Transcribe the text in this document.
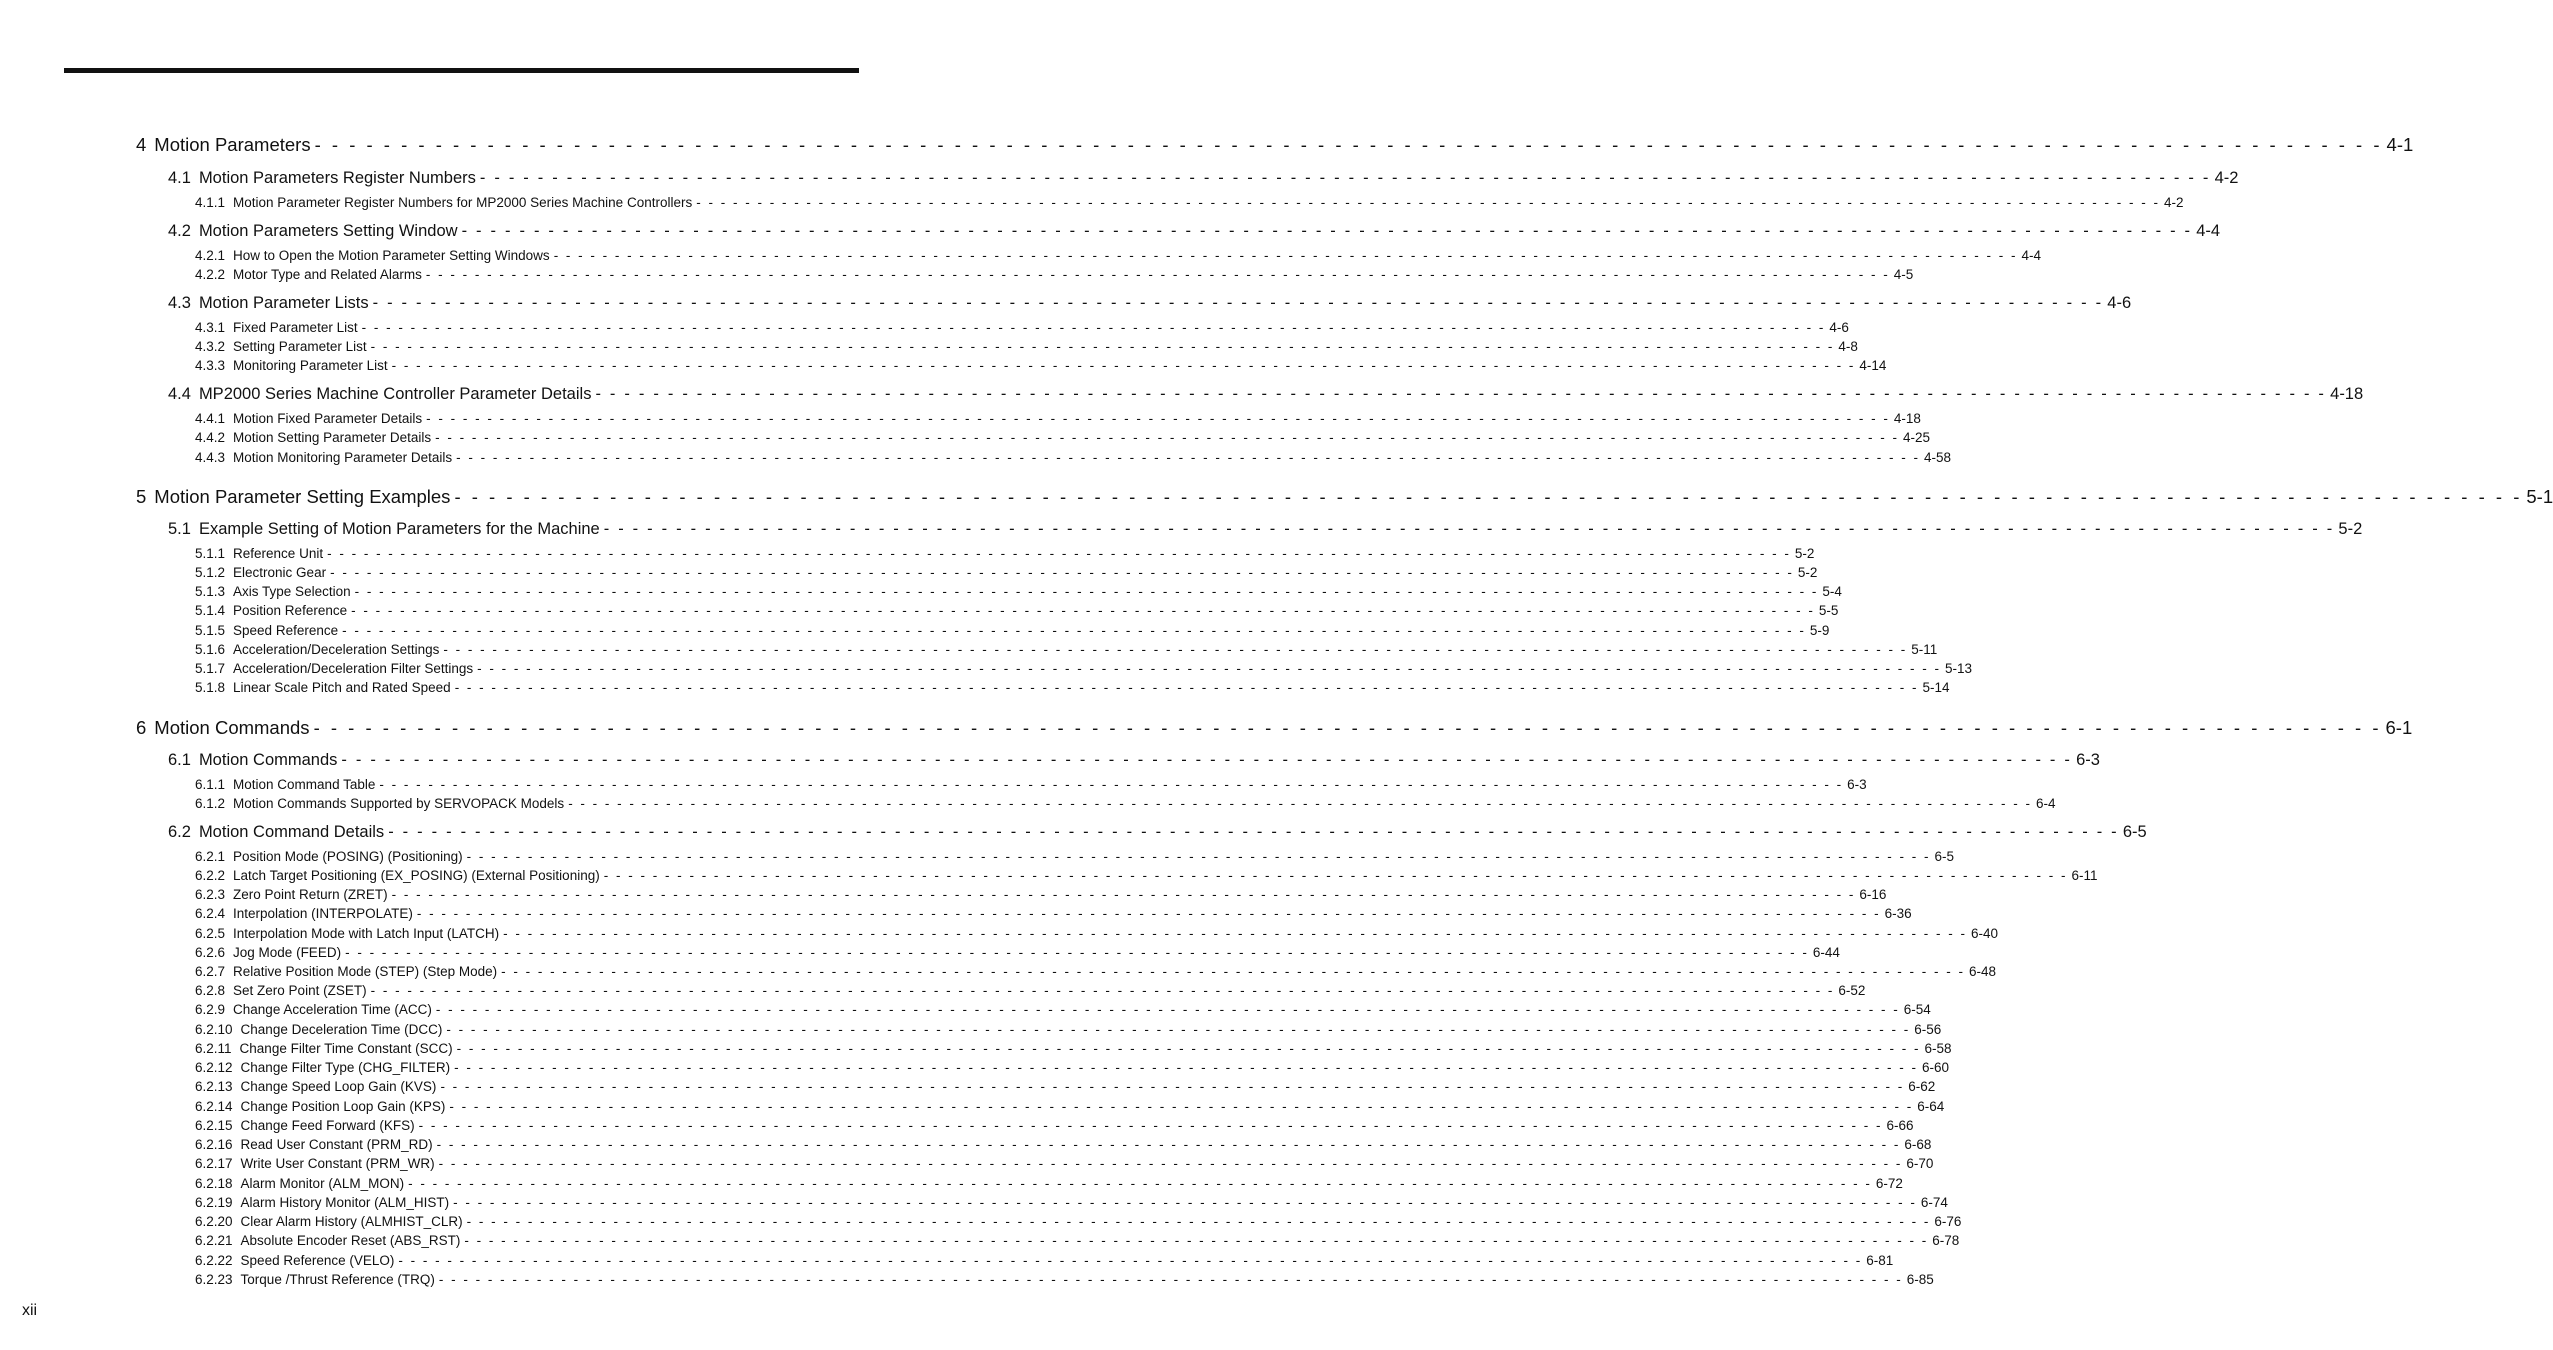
4 Motion Parameters - - - - - - - - - - - - - - - - - - - - - - - - - - - - - - - - - - - - - - - - - - - - - - - - - - - - - - - - - - - - - - - - - - - - - - - - - - - - - - - - - - - - - - - - - - - - - - - - - - - - - - - - - - - - - - - - - - - - - - - - 4-1
4.1 Motion Parameters Register Numbers - - - - - - - - - - - - - - - - - - - - - - - - - - - - - - - - - - - - - - - - - - - - - - - - - - - - - - - - - - - - - - - - - - - - - - - - - - - - - - - - - - - - - - - - - - - - - - - - - - - - - - - - - - - - - - - - - - - - - - - - 4-2
4.1.1 Motion Parameter Register Numbers for MP2000 Series Machine Controllers - - - - - - - - - - - - - - - - - - - - - - - - - - - - - - - - - - - - - - - - - - - - - - - - - - - - - - - - - - - - - - - - - - - - - - - - - - - - - - - - - - - - - - - - - - - - - - - - - - - - - - - - - - - - - - - - - - - - - - - - 4-2
4.2 Motion Parameters Setting Window - - - - - - - - - - - - - - - - - - - - - - - - - - - - - - - - - - - - - - - - - - - - - - - - - - - - - - - - - - - - - - - - - - - - - - - - - - - - - - - - - - - - - - - - - - - - - - - - - - - - - - - - - - - - - - - - - - - - - - - - 4-4
4.2.1 How to Open the Motion Parameter Setting Windows - - - - - - - - - - - - - - - - - - - - - - - - - - - - - - - - - - - - - - - - - - - - - - - - - - - - - - - - - - - - - - - - - - - - - - - - - - - - - - - - - - - - - - - - - - - - - - - - - - - - - - - - - - - - - - - - - - - - - - - - 4-4
4.2.2 Motor Type and Related Alarms - - - - - - - - - - - - - - - - - - - - - - - - - - - - - - - - - - - - - - - - - - - - - - - - - - - - - - - - - - - - - - - - - - - - - - - - - - - - - - - - - - - - - - - - - - - - - - - - - - - - - - - - - - - - - - - - - - - - - - - - 4-5
4.3 Motion Parameter Lists - - - - - - - - - - - - - - - - - - - - - - - - - - - - - - - - - - - - - - - - - - - - - - - - - - - - - - - - - - - - - - - - - - - - - - - - - - - - - - - - - - - - - - - - - - - - - - - - - - - - - - - - - - - - - - - - - - - - - - - - 4-6
4.3.1 Fixed Parameter List - - - - - - - - - - - - - - - - - - - - - - - - - - - - - - - - - - - - - - - - - - - - - - - - - - - - - - - - - - - - - - - - - - - - - - - - - - - - - - - - - - - - - - - - - - - - - - - - - - - - - - - - - - - - - - - - - - - - - - - - 4-6
4.3.2 Setting Parameter List - - - - - - - - - - - - - - - - - - - - - - - - - - - - - - - - - - - - - - - - - - - - - - - - - - - - - - - - - - - - - - - - - - - - - - - - - - - - - - - - - - - - - - - - - - - - - - - - - - - - - - - - - - - - - - - - - - - - - - - - 4-8
4.3.3 Monitoring Parameter List - - - - - - - - - - - - - - - - - - - - - - - - - - - - - - - - - - - - - - - - - - - - - - - - - - - - - - - - - - - - - - - - - - - - - - - - - - - - - - - - - - - - - - - - - - - - - - - - - - - - - - - - - - - - - - - - - - - - - - - - 4-14
4.4 MP2000 Series Machine Controller Parameter Details - - - - - - - - - - - - - - - - - - - - - - - - - - - - - - - - - - - - - - - - - - - - - - - - - - - - - - - - - - - - - - - - - - - - - - - - - - - - - - - - - - - - - - - - - - - - - - - - - - - - - - - - - - - - - - - - - - - - - - - - 4-18
4.4.1 Motion Fixed Parameter Details - - - - - - - - - - - - - - - - - - - - - - - - - - - - - - - - - - - - - - - - - - - - - - - - - - - - - - - - - - - - - - - - - - - - - - - - - - - - - - - - - - - - - - - - - - - - - - - - - - - - - - - - - - - - - - - - - - - - - - - - 4-18
4.4.2 Motion Setting Parameter Details - - - - - - - - - - - - - - - - - - - - - - - - - - - - - - - - - - - - - - - - - - - - - - - - - - - - - - - - - - - - - - - - - - - - - - - - - - - - - - - - - - - - - - - - - - - - - - - - - - - - - - - - - - - - - - - - - - - - - - - - 4-25
4.4.3 Motion Monitoring Parameter Details - - - - - - - - - - - - - - - - - - - - - - - - - - - - - - - - - - - - - - - - - - - - - - - - - - - - - - - - - - - - - - - - - - - - - - - - - - - - - - - - - - - - - - - - - - - - - - - - - - - - - - - - - - - - - - - - - - - - - - - - 4-58
5 Motion Parameter Setting Examples - - - - - - - - - - - - - - - - - - - - - - - - - - - - - - - - - - - - - - - - - - - - - - - - - - - - - - - - - - - - - - - - - - - - - - - - - - - - - - - - - - - - - - - - - - - - - - - - - - - - - - - - - - - - - - - - - - - - - - - - 5-1
5.1 Example Setting of Motion Parameters for the Machine - - - - - - - - - - - - - - - - - - - - - - - - - - - - - - - - - - - - - - - - - - - - - - - - - - - - - - - - - - - - - - - - - - - - - - - - - - - - - - - - - - - - - - - - - - - - - - - - - - - - - - - - - - - - - - - - - - - - - - - - 5-2
5.1.1 Reference Unit - - - - - - - - - - - - - - - - - - - - - - - - - - - - - - - - - - - - - - - - - - - - - - - - - - - - - - - - - - - - - - - - - - - - - - - - - - - - - - - - - - - - - - - - - - - - - - - - - - - - - - - - - - - - - - - - - - - - - - - - 5-2
5.1.2 Electronic Gear - - - - - - - - - - - - - - - - - - - - - - - - - - - - - - - - - - - - - - - - - - - - - - - - - - - - - - - - - - - - - - - - - - - - - - - - - - - - - - - - - - - - - - - - - - - - - - - - - - - - - - - - - - - - - - - - - - - - - - - - 5-2
5.1.3 Axis Type Selection - - - - - - - - - - - - - - - - - - - - - - - - - - - - - - - - - - - - - - - - - - - - - - - - - - - - - - - - - - - - - - - - - - - - - - - - - - - - - - - - - - - - - - - - - - - - - - - - - - - - - - - - - - - - - - - - - - - - - - - - 5-4
5.1.4 Position Reference - - - - - - - - - - - - - - - - - - - - - - - - - - - - - - - - - - - - - - - - - - - - - - - - - - - - - - - - - - - - - - - - - - - - - - - - - - - - - - - - - - - - - - - - - - - - - - - - - - - - - - - - - - - - - - - - - - - - - - - - 5-5
5.1.5 Speed Reference - - - - - - - - - - - - - - - - - - - - - - - - - - - - - - - - - - - - - - - - - - - - - - - - - - - - - - - - - - - - - - - - - - - - - - - - - - - - - - - - - - - - - - - - - - - - - - - - - - - - - - - - - - - - - - - - - - - - - - - - 5-9
5.1.6 Acceleration/Deceleration Settings - - - - - - - - - - - - - - - - - - - - - - - - - - - - - - - - - - - - - - - - - - - - - - - - - - - - - - - - - - - - - - - - - - - - - - - - - - - - - - - - - - - - - - - - - - - - - - - - - - - - - - - - - - - - - - - - - - - - - - - - 5-11
5.1.7 Acceleration/Deceleration Filter Settings - - - - - - - - - - - - - - - - - - - - - - - - - - - - - - - - - - - - - - - - - - - - - - - - - - - - - - - - - - - - - - - - - - - - - - - - - - - - - - - - - - - - - - - - - - - - - - - - - - - - - - - - - - - - - - - - - - - - - - - - 5-13
5.1.8 Linear Scale Pitch and Rated Speed - - - - - - - - - - - - - - - - - - - - - - - - - - - - - - - - - - - - - - - - - - - - - - - - - - - - - - - - - - - - - - - - - - - - - - - - - - - - - - - - - - - - - - - - - - - - - - - - - - - - - - - - - - - - - - - - - - - - - - - - 5-14
6 Motion Commands - - - - - - - - - - - - - - - - - - - - - - - - - - - - - - - - - - - - - - - - - - - - - - - - - - - - - - - - - - - - - - - - - - - - - - - - - - - - - - - - - - - - - - - - - - - - - - - - - - - - - - - - - - - - - - - - - - - - - - - - 6-1
6.1 Motion Commands - - - - - - - - - - - - - - - - - - - - - - - - - - - - - - - - - - - - - - - - - - - - - - - - - - - - - - - - - - - - - - - - - - - - - - - - - - - - - - - - - - - - - - - - - - - - - - - - - - - - - - - - - - - - - - - - - - - - - - - - 6-3
6.1.1 Motion Command Table - - - - - - - - - - - - - - - - - - - - - - - - - - - - - - - - - - - - - - - - - - - - - - - - - - - - - - - - - - - - - - - - - - - - - - - - - - - - - - - - - - - - - - - - - - - - - - - - - - - - - - - - - - - - - - - - - - - - - - - - 6-3
6.1.2 Motion Commands Supported by SERVOPACK Models - - - - - - - - - - - - - - - - - - - - - - - - - - - - - - - - - - - - - - - - - - - - - - - - - - - - - - - - - - - - - - - - - - - - - - - - - - - - - - - - - - - - - - - - - - - - - - - - - - - - - - - - - - - - - - - - - - - - - - - - 6-4
6.2 Motion Command Details - - - - - - - - - - - - - - - - - - - - - - - - - - - - - - - - - - - - - - - - - - - - - - - - - - - - - - - - - - - - - - - - - - - - - - - - - - - - - - - - - - - - - - - - - - - - - - - - - - - - - - - - - - - - - - - - - - - - - - - - 6-5
6.2.1 Position Mode (POSING) (Positioning) - - - - - - - - - - - - - - - - - - - - - - - - - - - - - - - - - - - - - - - - - - - - - - - - - - - - - - - - - - - - - - - - - - - - - - - - - - - - - - - - - - - - - - - - - - - - - - - - - - - - - - - - - - - - - - - - - - - - - - - - 6-5
6.2.2 Latch Target Positioning (EX_POSING) (External Positioning) - - - - - - - - - - - - - - - - - - - - - - - - - - - - - - - - - - - - - - - - - - - - - - - - - - - - - - - - - - - - - - - - - - - - - - - - - - - - - - - - - - - - - - - - - - - - - - - - - - - - - - - - - - - - - - - - - - - - - - - - 6-11
6.2.3 Zero Point Return (ZRET) - - - - - - - - - - - - - - - - - - - - - - - - - - - - - - - - - - - - - - - - - - - - - - - - - - - - - - - - - - - - - - - - - - - - - - - - - - - - - - - - - - - - - - - - - - - - - - - - - - - - - - - - - - - - - - - - - - - - - - - - 6-16
6.2.4 Interpolation (INTERPOLATE) - - - - - - - - - - - - - - - - - - - - - - - - - - - - - - - - - - - - - - - - - - - - - - - - - - - - - - - - - - - - - - - - - - - - - - - - - - - - - - - - - - - - - - - - - - - - - - - - - - - - - - - - - - - - - - - - - - - - - - - - 6-36
6.2.5 Interpolation Mode with Latch Input (LATCH) - - - - - - - - - - - - - - - - - - - - - - - - - - - - - - - - - - - - - - - - - - - - - - - - - - - - - - - - - - - - - - - - - - - - - - - - - - - - - - - - - - - - - - - - - - - - - - - - - - - - - - - - - - - - - - - - - - - - - - - - 6-40
6.2.6 Jog Mode (FEED) - - - - - - - - - - - - - - - - - - - - - - - - - - - - - - - - - - - - - - - - - - - - - - - - - - - - - - - - - - - - - - - - - - - - - - - - - - - - - - - - - - - - - - - - - - - - - - - - - - - - - - - - - - - - - - - - - - - - - - - - 6-44
6.2.7 Relative Position Mode (STEP) (Step Mode) - - - - - - - - - - - - - - - - - - - - - - - - - - - - - - - - - - - - - - - - - - - - - - - - - - - - - - - - - - - - - - - - - - - - - - - - - - - - - - - - - - - - - - - - - - - - - - - - - - - - - - - - - - - - - - - - - - - - - - - - 6-48
6.2.8 Set Zero Point (ZSET) - - - - - - - - - - - - - - - - - - - - - - - - - - - - - - - - - - - - - - - - - - - - - - - - - - - - - - - - - - - - - - - - - - - - - - - - - - - - - - - - - - - - - - - - - - - - - - - - - - - - - - - - - - - - - - - - - - - - - - - - 6-52
6.2.9 Change Acceleration Time (ACC) - - - - - - - - - - - - - - - - - - - - - - - - - - - - - - - - - - - - - - - - - - - - - - - - - - - - - - - - - - - - - - - - - - - - - - - - - - - - - - - - - - - - - - - - - - - - - - - - - - - - - - - - - - - - - - - - - - - - - - - - 6-54
6.2.10 Change Deceleration Time (DCC) - - - - - - - - - - - - - - - - - - - - - - - - - - - - - - - - - - - - - - - - - - - - - - - - - - - - - - - - - - - - - - - - - - - - - - - - - - - - - - - - - - - - - - - - - - - - - - - - - - - - - - - - - - - - - - - - - - - - - - - - 6-56
6.2.11 Change Filter Time Constant (SCC) - - - - - - - - - - - - - - - - - - - - - - - - - - - - - - - - - - - - - - - - - - - - - - - - - - - - - - - - - - - - - - - - - - - - - - - - - - - - - - - - - - - - - - - - - - - - - - - - - - - - - - - - - - - - - - - - - - - - - - - - 6-58
6.2.12 Change Filter Type (CHG_FILTER) - - - - - - - - - - - - - - - - - - - - - - - - - - - - - - - - - - - - - - - - - - - - - - - - - - - - - - - - - - - - - - - - - - - - - - - - - - - - - - - - - - - - - - - - - - - - - - - - - - - - - - - - - - - - - - - - - - - - - - - - 6-60
6.2.13 Change Speed Loop Gain (KVS) - - - - - - - - - - - - - - - - - - - - - - - - - - - - - - - - - - - - - - - - - - - - - - - - - - - - - - - - - - - - - - - - - - - - - - - - - - - - - - - - - - - - - - - - - - - - - - - - - - - - - - - - - - - - - - - - - - - - - - - - 6-62
6.2.14 Change Position Loop Gain (KPS) - - - - - - - - - - - - - - - - - - - - - - - - - - - - - - - - - - - - - - - - - - - - - - - - - - - - - - - - - - - - - - - - - - - - - - - - - - - - - - - - - - - - - - - - - - - - - - - - - - - - - - - - - - - - - - - - - - - - - - - - 6-64
6.2.15 Change Feed Forward (KFS) - - - - - - - - - - - - - - - - - - - - - - - - - - - - - - - - - - - - - - - - - - - - - - - - - - - - - - - - - - - - - - - - - - - - - - - - - - - - - - - - - - - - - - - - - - - - - - - - - - - - - - - - - - - - - - - - - - - - - - - - 6-66
6.2.16 Read User Constant (PRM_RD) - - - - - - - - - - - - - - - - - - - - - - - - - - - - - - - - - - - - - - - - - - - - - - - - - - - - - - - - - - - - - - - - - - - - - - - - - - - - - - - - - - - - - - - - - - - - - - - - - - - - - - - - - - - - - - - - - - - - - - - - 6-68
6.2.17 Write User Constant (PRM_WR) - - - - - - - - - - - - - - - - - - - - - - - - - - - - - - - - - - - - - - - - - - - - - - - - - - - - - - - - - - - - - - - - - - - - - - - - - - - - - - - - - - - - - - - - - - - - - - - - - - - - - - - - - - - - - - - - - - - - - - - - 6-70
6.2.18 Alarm Monitor (ALM_MON) - - - - - - - - - - - - - - - - - - - - - - - - - - - - - - - - - - - - - - - - - - - - - - - - - - - - - - - - - - - - - - - - - - - - - - - - - - - - - - - - - - - - - - - - - - - - - - - - - - - - - - - - - - - - - - - - - - - - - - - - 6-72
6.2.19 Alarm History Monitor (ALM_HIST) - - - - - - - - - - - - - - - - - - - - - - - - - - - - - - - - - - - - - - - - - - - - - - - - - - - - - - - - - - - - - - - - - - - - - - - - - - - - - - - - - - - - - - - - - - - - - - - - - - - - - - - - - - - - - - - - - - - - - - - - 6-74
6.2.20 Clear Alarm History (ALMHIST_CLR) - - - - - - - - - - - - - - - - - - - - - - - - - - - - - - - - - - - - - - - - - - - - - - - - - - - - - - - - - - - - - - - - - - - - - - - - - - - - - - - - - - - - - - - - - - - - - - - - - - - - - - - - - - - - - - - - - - - - - - - - 6-76
6.2.21 Absolute Encoder Reset (ABS_RST) - - - - - - - - - - - - - - - - - - - - - - - - - - - - - - - - - - - - - - - - - - - - - - - - - - - - - - - - - - - - - - - - - - - - - - - - - - - - - - - - - - - - - - - - - - - - - - - - - - - - - - - - - - - - - - - - - - - - - - - - 6-78
6.2.22 Speed Reference (VELO) - - - - - - - - - - - - - - - - - - - - - - - - - - - - - - - - - - - - - - - - - - - - - - - - - - - - - - - - - - - - - - - - - - - - - - - - - - - - - - - - - - - - - - - - - - - - - - - - - - - - - - - - - - - - - - - - - - - - - - - - 6-81
6.2.23 Torque /Thrust Reference (TRQ) - - - - - - - - - - - - - - - - - - - - - - - - - - - - - - - - - - - - - - - - - - - - - - - - - - - - - - - - - - - - - - - - - - - - - - - - - - - - - - - - - - - - - - - - - - - - - - - - - - - - - - - - - - - - - - - - - - - - - - - - 6-85
xii
